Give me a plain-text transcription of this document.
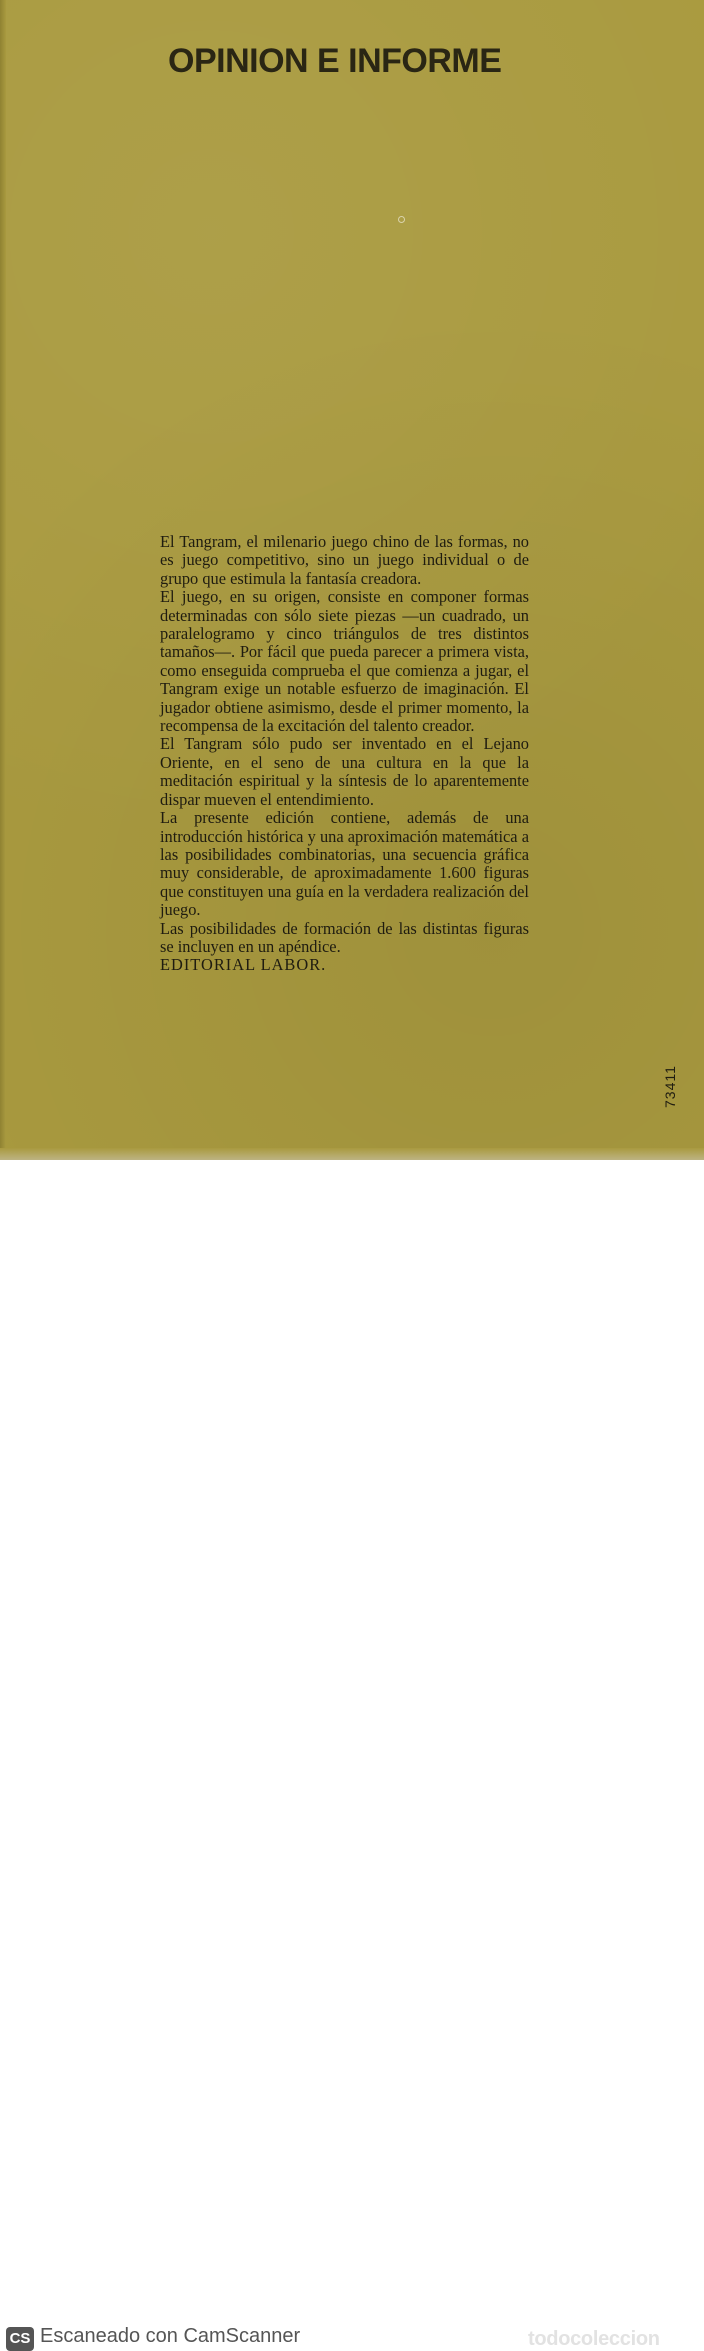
OPINION E INFORME

El Tangram, el milenario juego chino de las formas, no es juego competitivo, sino un juego individual o de grupo que estimula la fantasía creadora.

El juego, en su origen, consiste en componer formas determinadas con sólo siete piezas —un cuadrado, un paralelogramo y cinco triángulos de tres distintos tamaños—. Por fácil que pueda parecer a primera vista, como enseguida comprueba el que comienza a jugar, el Tangram exige un notable esfuerzo de imaginación. El jugador obtiene asimismo, desde el primer momento, la recompensa de la excitación del talento creador.

El Tangram sólo pudo ser inventado en el Lejano Oriente, en el seno de una cultura en la que la meditación espiritual y la síntesis de lo aparentemente dispar mueven el entendimiento.

La presente edición contiene, además de una introducción histórica y una aproximación matemática a las posibilidades combinatorias, una secuencia gráfica muy considerable, de aproximadamente 1.600 figuras que constituyen una guía en la verdadera realización del juego.

Las posibilidades de formación de las distintas figuras se incluyen en un apéndice.

EDITORIAL LABOR.

73411
CS Escaneado con CamScanner	todocoleccion
